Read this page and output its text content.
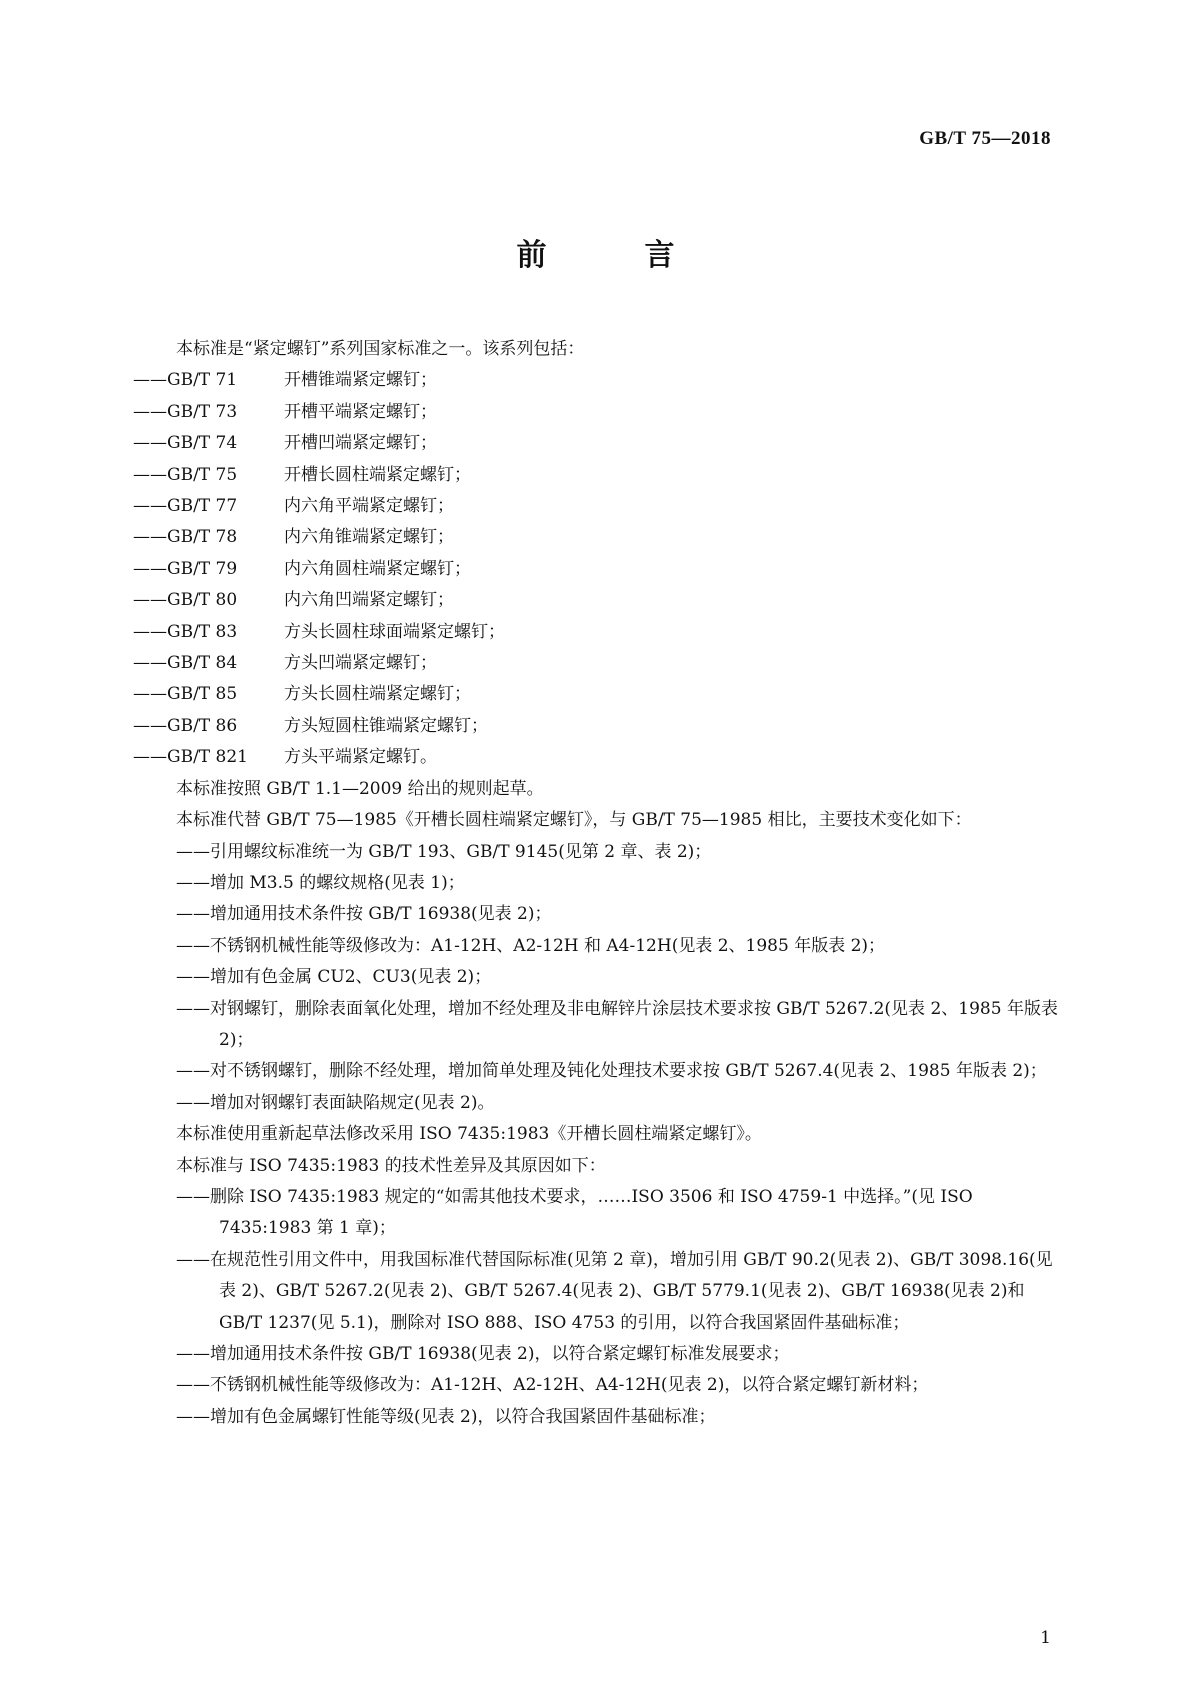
GB/T 75—2018
前　言

本标准是“紧定螺钉”系列国家标准之一。该系列包括：

——GB/T 71	开槽锥端紧定螺钉；

——GB/T 73	开槽平端紧定螺钉；

——GB/T 74	开槽凹端紧定螺钉；

——GB/T 75	开槽长圆柱端紧定螺钉；

——GB/T 77	内六角平端紧定螺钉；

——GB/T 78	内六角锥端紧定螺钉；

——GB/T 79	内六角圆柱端紧定螺钉；

——GB/T 80	内六角凹端紧定螺钉；

——GB/T 83	方头长圆柱球面端紧定螺钉；

——GB/T 84	方头凹端紧定螺钉；

——GB/T 85	方头长圆柱端紧定螺钉；

——GB/T 86	方头短圆柱锥端紧定螺钉；

——GB/T 821 方头平端紧定螺钉。

本标准按照 GB/T 1.1—2009 给出的规则起草。

本标准代替 GB/T 75—1985《开槽长圆柱端紧定螺钉》，与 GB/T 75—1985 相比，主要技术变化如下：

——引用螺纹标准统一为 GB/T 193、GB/T 9145(见第 2 章、表 2)；

——增加 M3.5 的螺纹规格(见表 1)；

——增加通用技术条件按 GB/T 16938(见表 2)；

——不锈钢机械性能等级修改为：A1-12H、A2-12H 和 A4-12H(见表 2、1985 年版表 2)；

——增加有色金属 CU2、CU3(见表 2)；

——对钢螺钉，删除表面氧化处理，增加不经处理及非电解锌片涂层技术要求按 GB/T 5267.2(见表 2、1985 年版表 2)；

——对不锈钢螺钉，删除不经处理，增加简单处理及钝化处理技术要求按 GB/T 5267.4(见表 2、1985 年版表 2)；

——增加对钢螺钉表面缺陷规定(见表 2)。

本标准使用重新起草法修改采用 ISO 7435:1983《开槽长圆柱端紧定螺钉》。

本标准与 ISO 7435:1983 的技术性差异及其原因如下：

——删除 ISO 7435:1983 规定的“如需其他技术要求，……ISO 3506 和 ISO 4759-1 中选择。”(见 ISO 7435:1983 第 1 章)；

——在规范性引用文件中，用我国标准代替国际标准(见第 2 章)，增加引用 GB/T 90.2(见表 2)、GB/T 3098.16(见表 2)、GB/T 5267.2(见表 2)、GB/T 5267.4(见表 2)、GB/T 5779.1(见表 2)、GB/T 16938(见表 2)和 GB/T 1237(见 5.1)，删除对 ISO 888、ISO 4753 的引用，以符合我国紧固件基础标准；

——增加通用技术条件按 GB/T 16938(见表 2)，以符合紧定螺钉标准发展要求；

——不锈钢机械性能等级修改为：A1-12H、A2-12H、A4-12H(见表 2)，以符合紧定螺钉新材料；

——增加有色金属螺钉性能等级(见表 2)，以符合我国紧固件基础标准；

1
